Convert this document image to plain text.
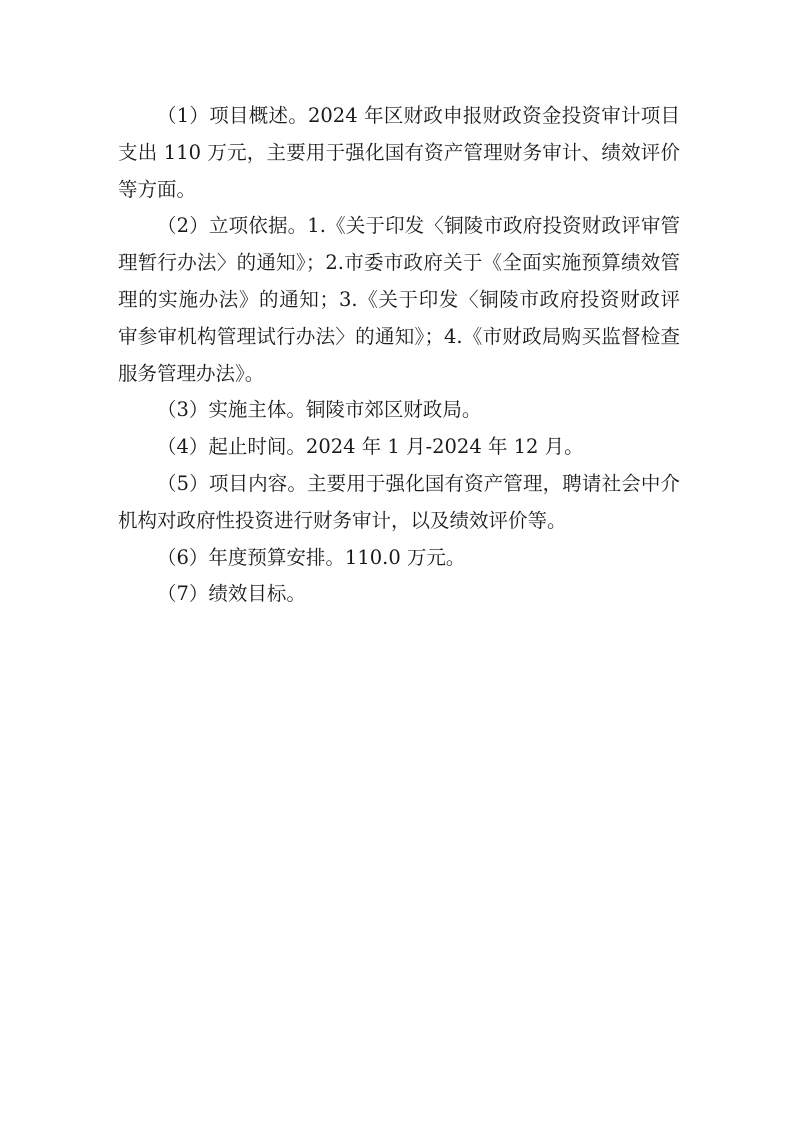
（1）项目概述。2024 年区财政申报财政资金投资审计项目支出 110 万元，主要用于强化国有资产管理财务审计、绩效评价等方面。

（2）立项依据。1.《关于印发〈铜陵市政府投资财政评审管理暂行办法〉的通知》；2.市委市政府关于《全面实施预算绩效管理的实施办法》的通知；3.《关于印发〈铜陵市政府投资财政评审参审机构管理试行办法〉的通知》；4.《市财政局购买监督检查服务管理办法》。

（3）实施主体。铜陵市郊区财政局。

（4）起止时间。2024 年 1 月-2024 年 12 月。

（5）项目内容。主要用于强化国有资产管理，聘请社会中介机构对政府性投资进行财务审计，以及绩效评价等。

（6）年度预算安排。110.0 万元。

（7）绩效目标。
